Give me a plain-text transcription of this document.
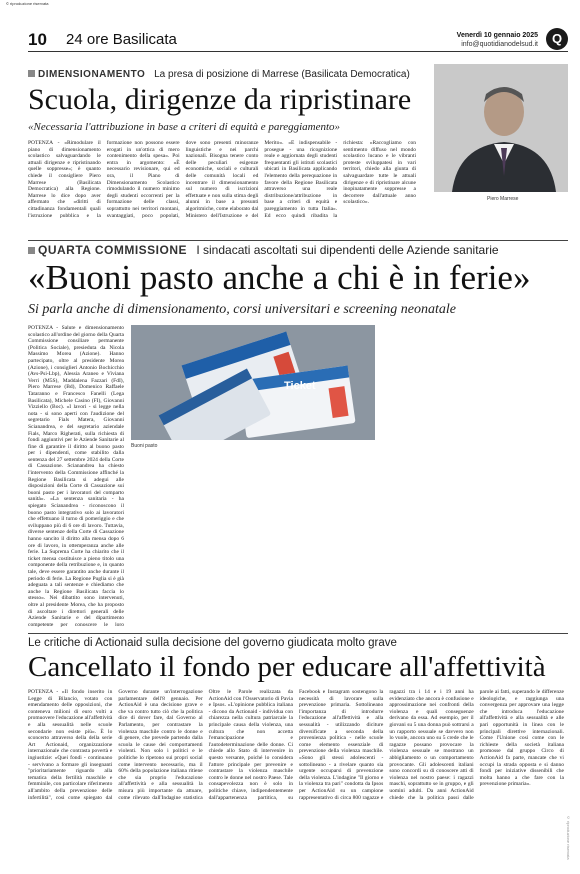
© riproduzione riservata
10 24 ore Basilicata	Venerdì 10 gennaio 2025
info@quotidianodelsud.it	Q
DIMENSIONAMENTO La presa di posizione di Marrese (Basilicata Democratica)
Scuola, dirigenze da ripristinare
«Necessaria l'attribuzione in base a criteri di equità e pareggiamento»
POTENZA - «Rimodulare il piano di dimensionamento scolastico salvaguardando le attuali dirigenze e ripristinando quelle soppresse»; è quanto chiede il consigliere Piero Marrese (Basilicata Democratica) alla Regione. Marrese lo dice dopo aver affermato che «diritti di cittadinanza fondamentali quali l'istruzione pubblica e la formazione non possono essere erogati in un'ottica di mero contenimento della spesa». Poi entra in argomento: «È necessario revisionare, qui ed ora, il Piano di Dimensionamento Scolastico rimodulando il numero minimo degli studenti occorrenti per la formazione delle classi, soprattutto nei territori montani, svantaggiati, poco popolati, dove sono presenti minoranze linguistiche e nei parchi nazionali. Bisogna tenere conto delle peculiari esigenze economiche, sociali e culturali delle comunità locali ed incentrare il dimensionamento sul numero di iscrizioni effettuate e non sulla stima degli alunni in base a presunti algoritmiche, come elaborato dal Ministero dell'Istruzione e del Merito». «È indispensabile - prosegue - una ricognizione reale e aggiornata degli studenti frequentanti gli istituti scolastici ubicati in Basilicata applicando l'elemento della perequazione in favore della Regione Basilicata attraverso una reale distribuzione/attribuzione in base a criteri di equità e pareggiamento in tutta Italia». Ed ecco quindi ribadita la richiesta: «Raccogliamo con sentimento diffuso nel mondo scolastico lucano e le vibranti proteste sviluppatesi in vari territori, chiedo alla giunta di salvaguardare tutte le attuali dirigenze e di ripristinare alcune inopinatamente soppresse a decorrere dall'attuale anno scolastico».
Piero Marrese
QUARTA COMMISSIONE I sindacati ascoltati sui dipendenti delle Aziende sanitarie
«Buoni pasto anche a chi è in ferie»
Si parla anche di dimensionamento, corsi universitari e screening neonatale
POTENZA - Salute e dimensionamento scolastico all'ordine del giorno della Quarta Commissione consiliare permanente (Politica Sociale), presieduta da Nicola Massimo Morea (Azione). Hanno partecipato, oltre al presidente Morea (Azione), i consiglieri Antonio Bochicchio (Avs-Psi-Lbp), Alessia Araneo e Viviana Verri (M5S), Maddalena Fazzari (FdI), Piero Marrese (Bd), Domenico Raffaele Tataranno e Francesco Fanelli (Lega Basilicata), Michele Casino (FI), Giovanni Vizziello (Boc). «I lavori - si legge nella nota - si sono aperti con l'audizione del segretario Fials Matera, Giovanni Scianandrea, e del segretario aziendale Fials, Marco Righerati, sulla richiesta di fondi aggiuntivi per le Aziende Sanitarie al fine di garantire il diritto al buono pasto per i dipendenti, come stabilito dalla sentenza del 27 settembre 2024 della Corte di Cassazione. Scianandrea ha chiesto l'intervento della Commissione affinché la Regione Basilicata si adegui alle disposizioni della Corte di Cassazione sui buoni pasto per i lavoratori del comparto sanità». «La sentenza sanitaria - ha spiegato Scianandrea - riconoscono il buono pasto integrativo solo ai lavoratori che effettuano il turno di pomeriggio e che sviluppano più di 6 ore di lavoro. Tuttavia, diverse sentenze della Corte di Cassazione hanno sancito il diritto alla mensa dopo 6 ore di lavoro, in ottemperanza anche alle ferie. La Suprema Corte ha chiarito che il ticket mensa costituisce a pieno titolo una componente della retribuzione e, in quanto tale, deve essere garantito anche durante il periodo di ferie. La Regione Puglia si è già adeguata a tali sentenze e chiediamo che anche la Regione Basilicata faccia lo stesso». Nei dibattito sono intervenuti, oltre al presidente Morea, che ha proposto di ascoltare i direttori generali delle Aziende Sanitarie e del dipartimento competente per conoscere le loro
Ticket
Buoni pasto
Le critiche di Actionaid sulla decisione del governo giudicata molto grave
Cancellato il fondo per educare all'affettività
POTENZA - «Il fondo inserito in Legge di Bilancio, votato con emendamento delle opposizioni, che conteneva milioni di euro volti a promuovere l'educazione all'affettività e alla sessualità nelle scuole secondarie non esiste più». È lo sconcerto attraverso della della serie Art Actionaid, organizzazione internazionale che contrasta povertà e ingiustizie: «Quei fondi - continuano - servivano a formare gli insegnanti "prioritariamente riguardo alla tematica della fertilità maschile e femminile, con particolare riferimento all'ambito della prevenzione delle infertilità", cosi come spiegato dal Governo durante un'interrogazione parlamentare dell'8 gennaio. Per ActionAid è una decisione grave e che va contro tutto ciò che la politica dice di dover fare, dal Governo al Parlamento, per contrastare la violenza maschile contro le donne e di genere, che prevede partendo dalla scuola le cause dei comportamenti violenti. Non solo i politici e le politiche lo ripetono sui propri social come intervento necessario, ma il 60% della popolazione italiana ritiene che sia proprio l'educazione all'affettività e alla sessualità la misura più importante da attuare, come rilevato dall'Indagine statistica Oltre le Parole realizzata da ActionAid con l'Osservatorio di Pavia e Ipsos. «L'opinione pubblica italiana - dicono da Actionaid - individua con chiarezza nella cultura patriarcale la principale causa della violenza, una cultura che non accetta l'emancipazione e l'autodeterminazione delle donne. Ci chiede allo Stato di intervenire in questo versante, poiché lo considera l'attore principale per prevenire e contrastare la violenza maschile contro le donne nel nostro Paese. Tale consapevolezza non è solo in politiche chiave, indipendentemente dall'appartenenza partitica, su Facebook e Instagram sostengono la necessità di lavorare sulla prevenzione primaria. Sottolineano l'importanza di introdurre l'educazione all'affettività e alla sessualità - utilizzando diciture diversificate a seconda della provenienza politica - nelle scuole come elemento essenziale di prevenzione della violenza maschile. «Sono gli stessi adolescenti - sottolineano - a rivelare quanto sia urgente occuparsi di prevenzione della violenza. L'indagine "Il giorno e la violenza tra pari" condotta da Ipsos per ActionAid su un campione rappresentativo di circa 800 ragazze e ragazzi tra i 14 e i 19 anni ha evidenziato che ancora è confusione e approssimazione nei confronti della violenza e quali conseguenze derivano da essa. Ad esempio, per il giovani su 5 una donna può sottrarsi a un rapporto sessuale se davvero non lo vuole, ancora uno su 5 crede che le ragazze possano provocare la violenza sessuale se mostrano un abbigliamento o un comportamento provocante. Gli adolescenti italiani sono concordi su di conoscere atti di violenza nel nostro paese: i ragazzi maschi, soprattutto se in gruppo, e gli uomini adulti. Da anni ActionAid chiede che la politica passi dalle parole ai fatti, superando le differenze ideologiche, e raggiunga una convergenza per approvare una legge che introduca l'educazione all'affettività e alla sessualità e alle pari opportunità in linea con le principali direttive internazionali. Come l'Unione così come con le richieste della società italiana promosse dal gruppo Circo di ActionAid fa parte, mancate che vi occupi la strada opposta e si danno fondi per iniziative dissenibili che molta hanno a che fare con la prevenzione primaria».
© riproduzione riservata
